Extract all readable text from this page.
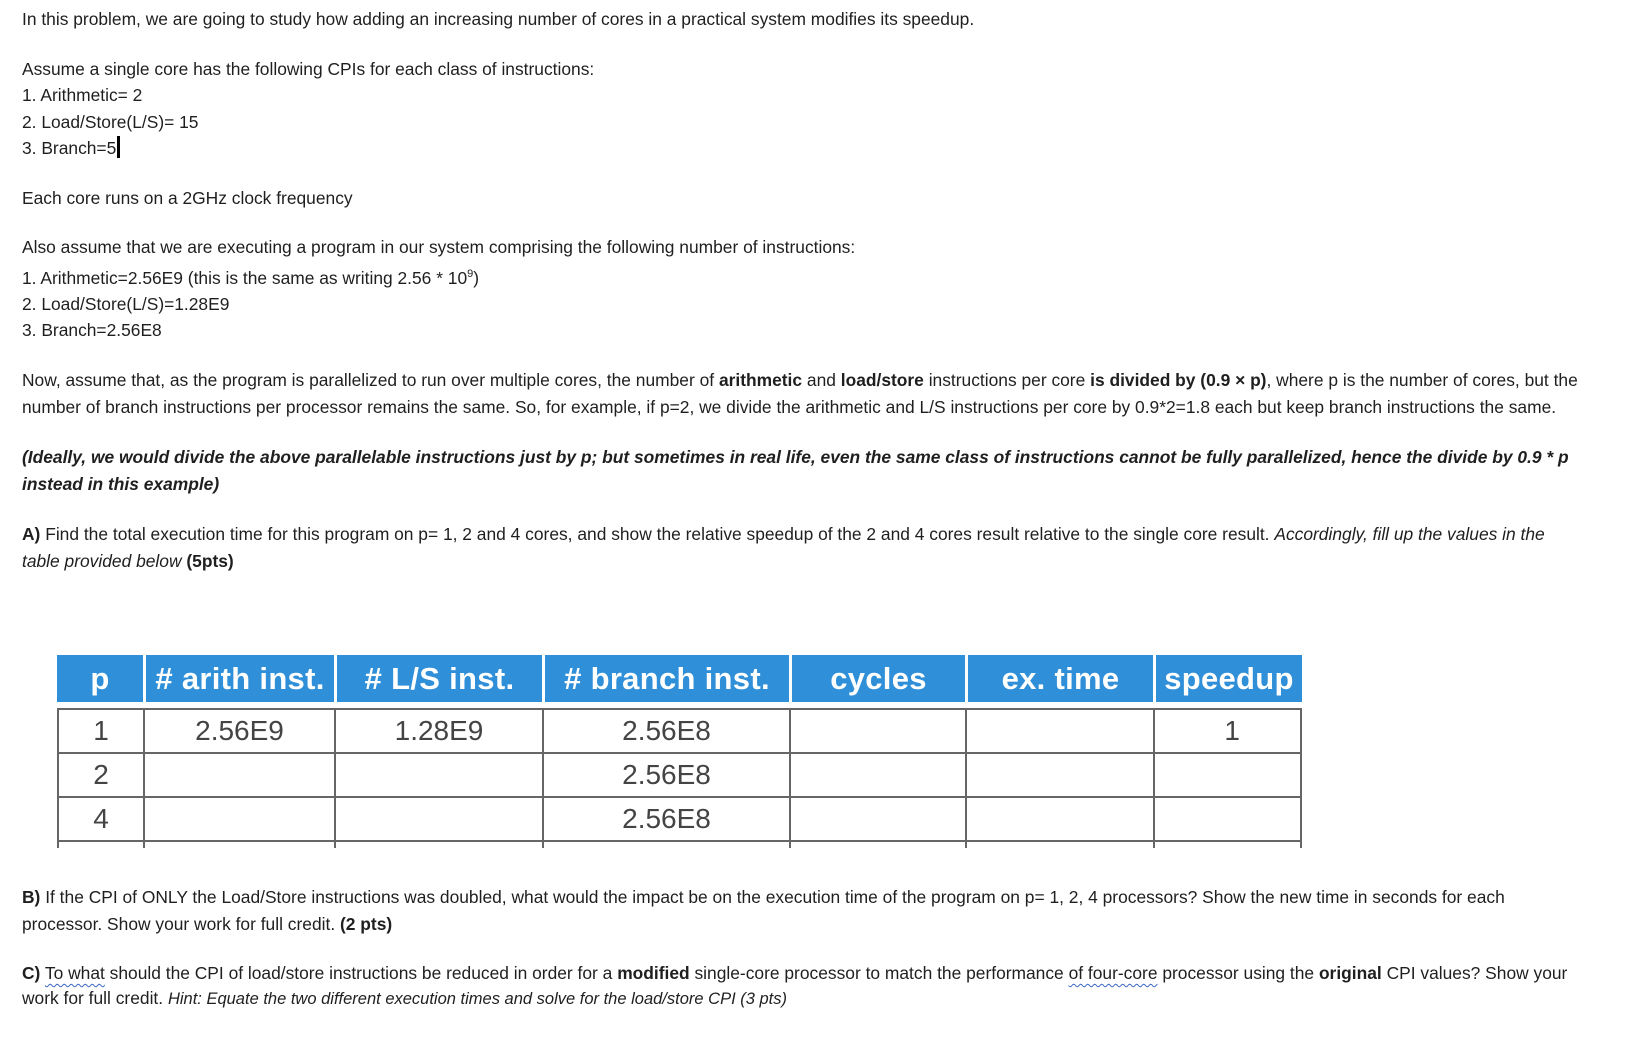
In this problem, we are going to study how adding an increasing number of cores in a practical system modifies its speedup.
Assume a single core has the following CPIs for each class of instructions:
1. Arithmetic= 2
2. Load/Store(L/S)= 15
3. Branch=5
Each core runs on a 2GHz clock frequency
Also assume that we are executing a program in our system comprising the following number of instructions:
1. Arithmetic=2.56E9 (this is the same as writing $2.56 * 10^9$)
2. Load/Store(L/S)=1.28E9
3. Branch=2.56E8
Now, assume that, as the program is parallelized to run over multiple cores, the number of arithmetic and load/store instructions per core is divided by (0.9 × p), where p is the number of cores, but the number of branch instructions per processor remains the same. So, for example, if p=2, we divide the arithmetic and L/S instructions per core by 0.9*2=1.8 each but keep branch instructions the same.
(Ideally, we would divide the above parallelable instructions just by p; but sometimes in real life, even the same class of instructions cannot be fully parallelized, hence the divide by 0.9 * p instead in this example)
A) Find the total execution time for this program on p= 1, 2 and 4 cores, and show the relative speedup of the 2 and 4 cores result relative to the single core result. Accordingly, fill up the values in the table provided below (5pts)
p	# arith inst.	# L/S inst.	# branch inst.	cycles	ex. time	speedup

1	2.56E9	1.28E9	2.56E8			1
2			2.56E8			
4			2.56E8			

B) If the CPI of ONLY the Load/Store instructions was doubled, what would the impact be on the execution time of the program on p= 1, 2, 4 processors? Show the new time in seconds for each processor. Show your work for full credit. (2 pts)
C) To what should the CPI of load/store instructions be reduced in order for a modified single-core processor to match the performance of four-core processor using the original CPI values? Show your work for full credit. Hint: Equate the two different execution times and solve for the load/store CPI (3 pts)
